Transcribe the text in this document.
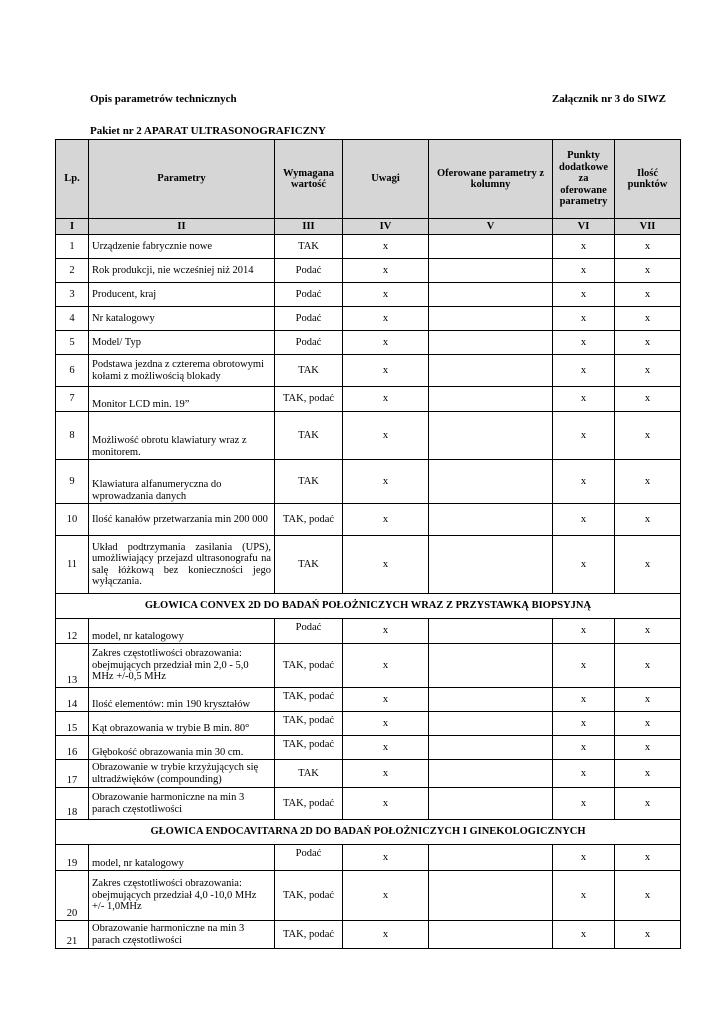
Opis parametrów technicznych	Załącznik nr 3 do SIWZ
Pakiet nr 2 APARAT ULTRASONOGRAFICZNY
Lp.	Parametry	Wymagana wartość	Uwagi	Oferowane parametry z kolumny	Punkty dodatkowe za oferowane parametry	Ilość punktów
I	II	III	IV	V	VI	VII
1	Urządzenie fabrycznie nowe	TAK	x		x	x
2	Rok produkcji, nie wcześniej niż 2014	Podać	x		x	x
3	Producent, kraj	Podać	x		x	x
4	Nr katalogowy	Podać	x		x	x
5	Model/ Typ	Podać	x		x	x
6	Podstawa jezdna z czterema obrotowymi kołami z możliwością blokady	TAK	x		x	x
7	Monitor LCD min. 19”	TAK, podać	x		x	x
8	Możliwość obrotu klawiatury wraz z monitorem.	TAK	x		x	x
9	Klawiatura alfanumeryczna do wprowadzania danych	TAK	x		x	x
10	Ilość kanałów przetwarzania min 200 000	TAK, podać	x		x	x
11	Układ podtrzymania zasilania (UPS), umożliwiający przejazd ultrasonografu na salę łóżkową bez konieczności jego wyłączania.	TAK	x		x	x
GŁOWICA CONVEX 2D DO BADAŃ POŁOŻNICZYCH WRAZ Z PRZYSTAWKĄ BIOPSYJNĄ						
12	model, nr katalogowy	Podać	x		x	x
13	Zakres częstotliwości obrazowania: obejmujących przedział min 2,0 - 5,0 MHz +/-0,5 MHz	TAK, podać	x		x	x
14	Ilość elementów: min 190 kryształów	TAK, podać	x		x	x
15	Kąt obrazowania w trybie B min. 80°	TAK, podać	x		x	x
16	Głębokość obrazowania min 30 cm.	TAK, podać	x		x	x
17	Obrazowanie w trybie krzyżujących się ultradźwięków (compounding)	TAK	x		x	x
18	Obrazowanie harmoniczne na min 3 parach częstotliwości	TAK, podać	x		x	x
GŁOWICA ENDOCAVITARNA 2D DO BADAŃ POŁOŻNICZYCH I GINEKOLOGICZNYCH						
19	model, nr katalogowy	Podać	x		x	x
20	Zakres częstotliwości obrazowania: obejmujących przedział 4,0 -10,0 MHz +/- 1,0MHz	TAK, podać	x		x	x
21	Obrazowanie harmoniczne na min 3 parach częstotliwości	TAK, podać	x		x	x
